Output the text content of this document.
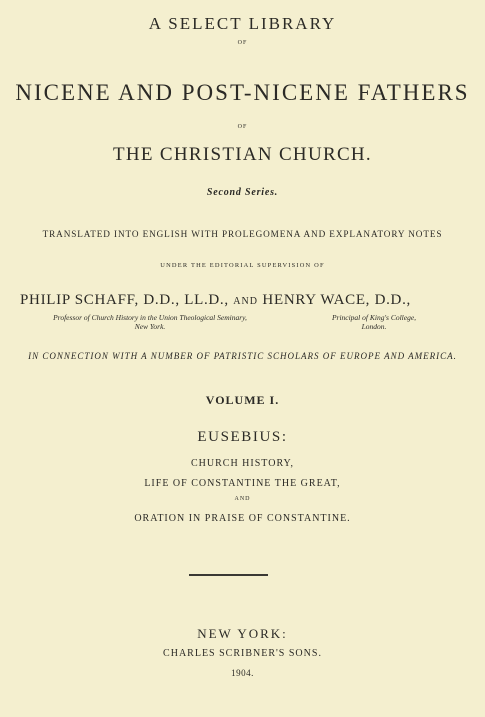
A SELECT LIBRARY
OF
NICENE AND POST-NICENE FATHERS
OF
THE CHRISTIAN CHURCH.
Second Series.
TRANSLATED INTO ENGLISH WITH PROLEGOMENA AND EXPLANATORY NOTES
UNDER THE EDITORIAL SUPERVISION OF
PHILIP SCHAFF, D.D., LL.D., AND HENRY WACE, D.D.,
Professor of Church History in the Union Theological Seminary,
New York.
Principal of King's College,
London.
IN CONNECTION WITH A NUMBER OF PATRISTIC SCHOLARS OF EUROPE AND AMERICA.
VOLUME I.
EUSEBIUS:
CHURCH HISTORY,
LIFE OF CONSTANTINE THE GREAT,
AND
ORATION IN PRAISE OF CONSTANTINE.
NEW YORK:
CHARLES SCRIBNER'S SONS.
1904.
